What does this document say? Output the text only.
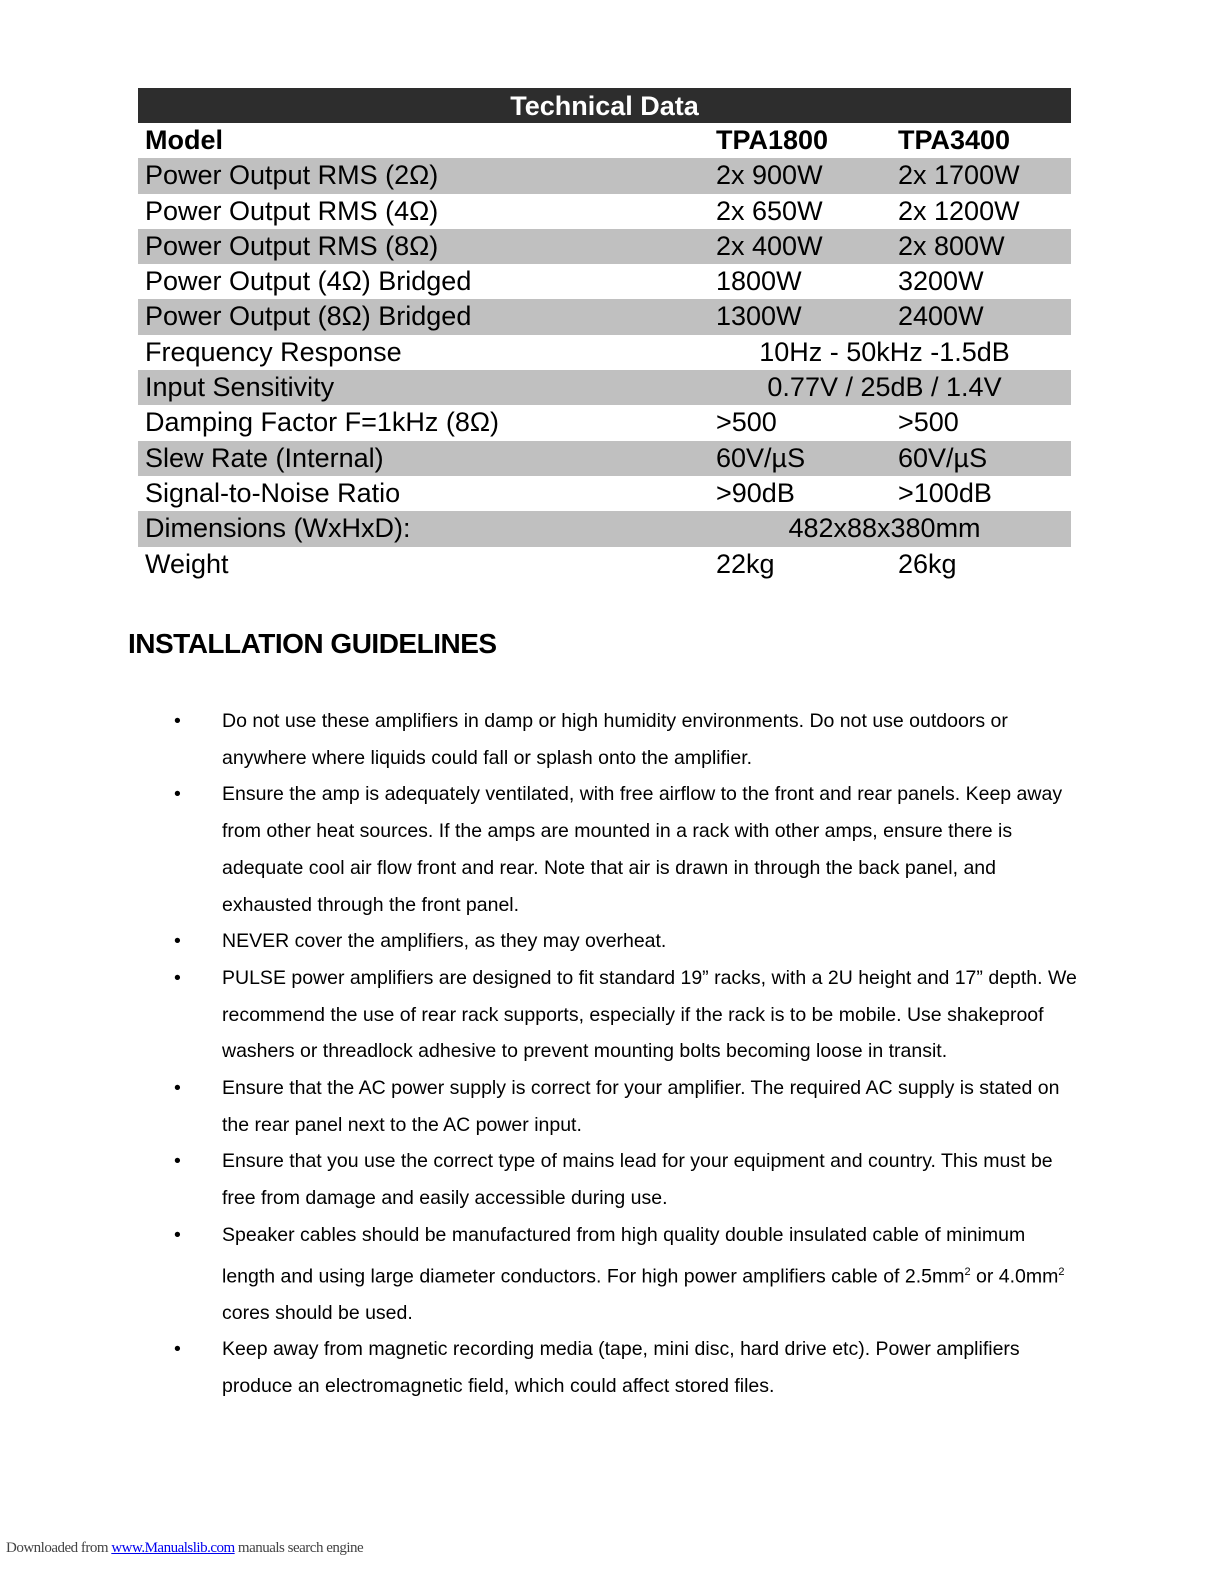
Technical Data
Model	TPA1800	TPA3400
Power Output RMS (2Ω)	2x 900W	2x 1700W
Power Output RMS (4Ω)	2x 650W	2x 1200W
Power Output RMS (8Ω)	2x 400W	2x 800W
Power Output (4Ω) Bridged	1800W	3200W
Power Output (8Ω) Bridged	1300W	2400W
Frequency Response	10Hz - 50kHz -1.5dB
Input Sensitivity	0.77V / 25dB / 1.4V
Damping Factor F=1kHz (8Ω)	>500	>500
Slew Rate (Internal)	60V/µS	60V/µS
Signal-to-Noise Ratio	>90dB	>100dB
Dimensions (WxHxD):	482x88x380mm
Weight	22kg	26kg
INSTALLATION GUIDELINES
• Do not use these amplifiers in damp or high humidity environments. Do not use outdoors or anywhere where liquids could fall or splash onto the amplifier.
• Ensure the amp is adequately ventilated, with free airflow to the front and rear panels. Keep away from other heat sources. If the amps are mounted in a rack with other amps, ensure there is adequate cool air flow front and rear. Note that air is drawn in through the back panel, and exhausted through the front panel.
• NEVER cover the amplifiers, as they may overheat.
• PULSE power amplifiers are designed to fit standard 19” racks, with a 2U height and 17” depth. We recommend the use of rear rack supports, especially if the rack is to be mobile. Use shakeproof washers or threadlock adhesive to prevent mounting bolts becoming loose in transit.
• Ensure that the AC power supply is correct for your amplifier. The required AC supply is stated on the rear panel next to the AC power input.
• Ensure that you use the correct type of mains lead for your equipment and country. This must be free from damage and easily accessible during use.
• Speaker cables should be manufactured from high quality double insulated cable of minimum length and using large diameter conductors. For high power amplifiers cable of $2.5mm^2$ or $4.0mm^2$ cores should be used.
• Keep away from magnetic recording media (tape, mini disc, hard drive etc). Power amplifiers produce an electromagnetic field, which could affect stored files.
Downloaded from www.Manualslib.com manuals search engine
